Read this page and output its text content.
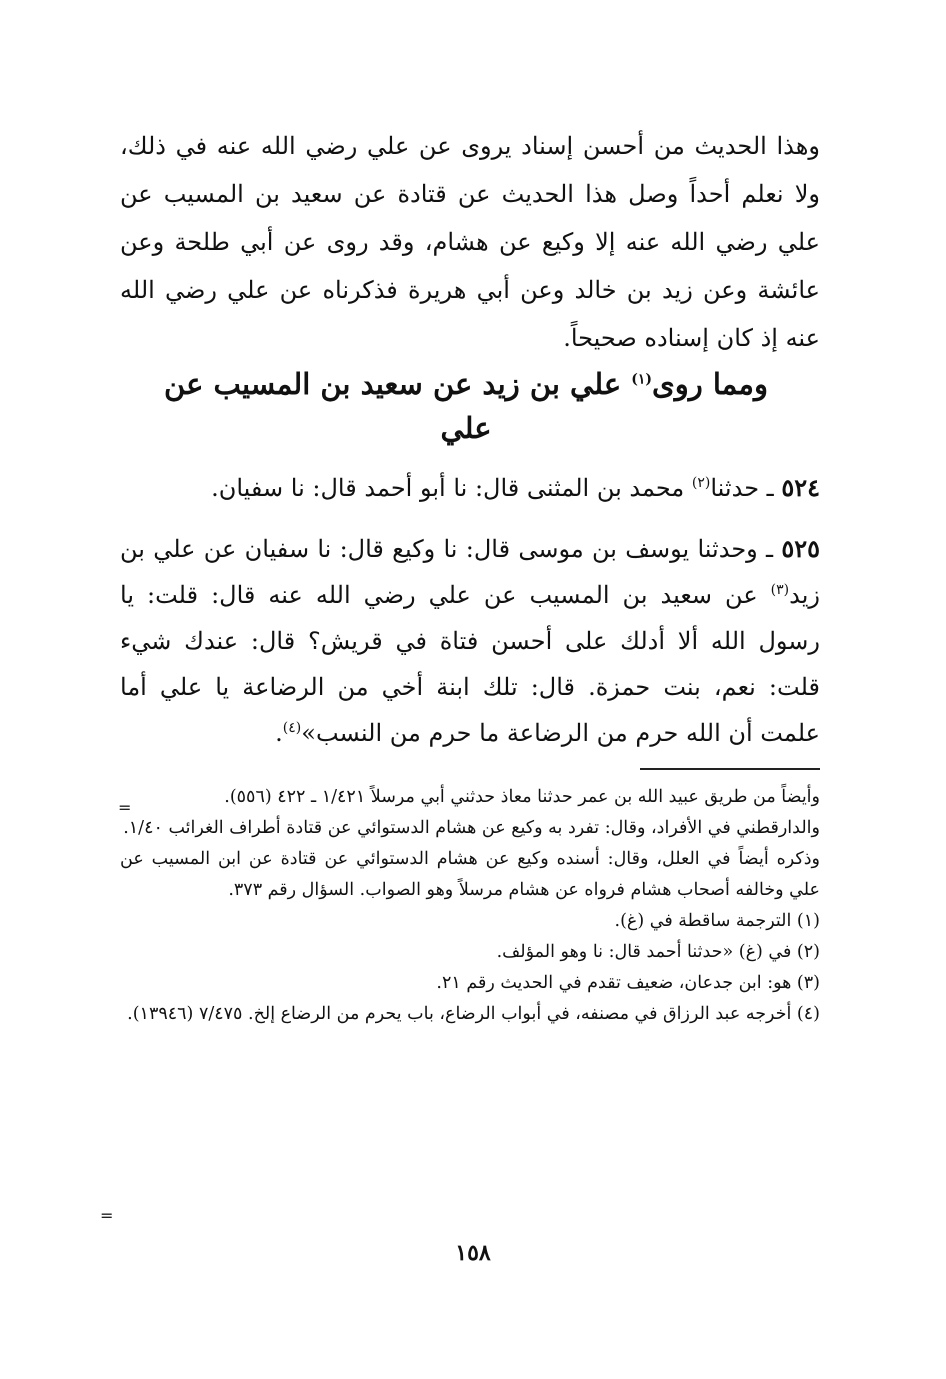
وهذا الحديث من أحسن إسناد يروى عن علي رضي الله عنه في ذلك، ولا نعلم أحداً وصل هذا الحديث عن قتادة عن سعيد بن المسيب عن علي رضي الله عنه إلا وكيع عن هشام، وقد روى عن أبي طلحة وعن عائشة وعن زيد بن خالد وعن أبي هريرة فذكرناه عن علي رضي الله عنه إذ كان إسناده صحيحاً.

ومما روى$^{(١)}$ علي بن زيد عن سعيد بن المسيب عن علي
٥٢٤ ـ حدثنا$^{(٢)}$ محمد بن المثنى قال: نا أبو أحمد قال: نا سفيان.
٥٢٥ ـ وحدثنا يوسف بن موسى قال: نا وكيع قال: نا سفيان عن علي بن زيد$^{(٣)}$ عن سعيد بن المسيب عن علي رضي الله عنه قال: قلت: يا رسول الله ألا أدلك على أحسن فتاة في قريش؟ قال: عندك شيء قلت: نعم، بنت حمزة. قال: تلك ابنة أخي من الرضاعة يا علي أما علمت أن الله حرم من الرضاعة ما حرم من النسب»$^{(٤)}$.
=

وأيضاً من طريق عبيد الله بن عمر حدثنا معاذ حدثني أبي مرسلاً ١/٤٢١ ـ ٤٢٢ (٥٥٦).

والدارقطني في الأفراد، وقال: تفرد به وكيع عن هشام الدستوائي عن قتادة أطراف الغرائب ١/٤٠.

وذكره أيضاً في العلل، وقال: أسنده وكيع عن هشام الدستوائي عن قتادة عن ابن المسيب عن علي وخالفه أصحاب هشام فرواه عن هشام مرسلاً وهو الصواب. السؤال رقم ٣٧٣.

(١) الترجمة ساقطة في (غ).

(٢) في (غ) «حدثنا أحمد قال: نا وهو المؤلف.

(٣) هو: ابن جدعان، ضعيف تقدم في الحديث رقم ٢١.

(٤) أخرجه عبد الرزاق في مصنفه، في أبواب الرضاع، باب يحرم من الرضاع إلخ. ٧/٤٧٥ (١٣٩٤٦).

=
١٥٨
